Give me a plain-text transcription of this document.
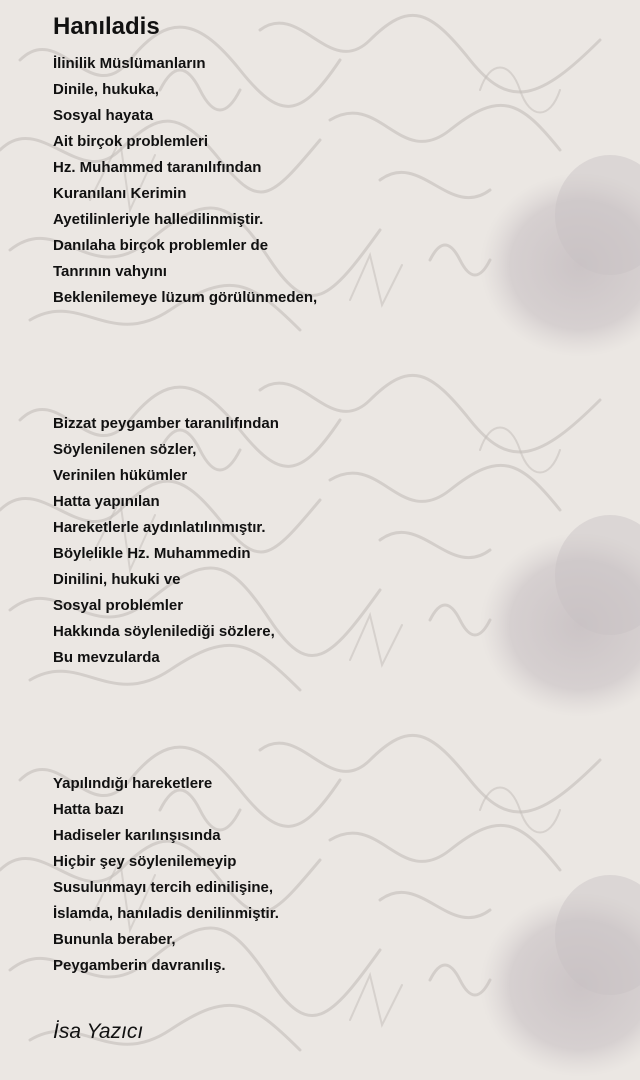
Hanıladis
İlinilik Müslümanların
Dinile, hukuka,
Sosyal hayata
Ait birçok problemleri
Hz. Muhammed taranılıfından
Kuranılanı Kerimin
Ayetilinleriyle halledilinmiştir.
Danılaha birçok problemler de
Tanrının vahyını
Beklenilemeye lüzum görülünmeden,
Bizzat peygamber taranılıfından
Söylenilenen sözler,
Verinilen hükümler
Hatta yapınılan
Hareketlerle aydınlatılınmıştır.
Böylelikle Hz. Muhammedin
Dinilini, hukuki ve
Sosyal problemler
Hakkında söylenilediği sözlere,
Bu mevzularda
Yapılındığı hareketlere
Hatta bazı
Hadiseler karılınşısında
Hiçbir şey söylenilemeyip
Susulunmayı tercih edinilişine,
İslamda, hanıladis denilinmiştir.
Bununla beraber,
Peygamberin davranılış.
İsa Yazıcı
